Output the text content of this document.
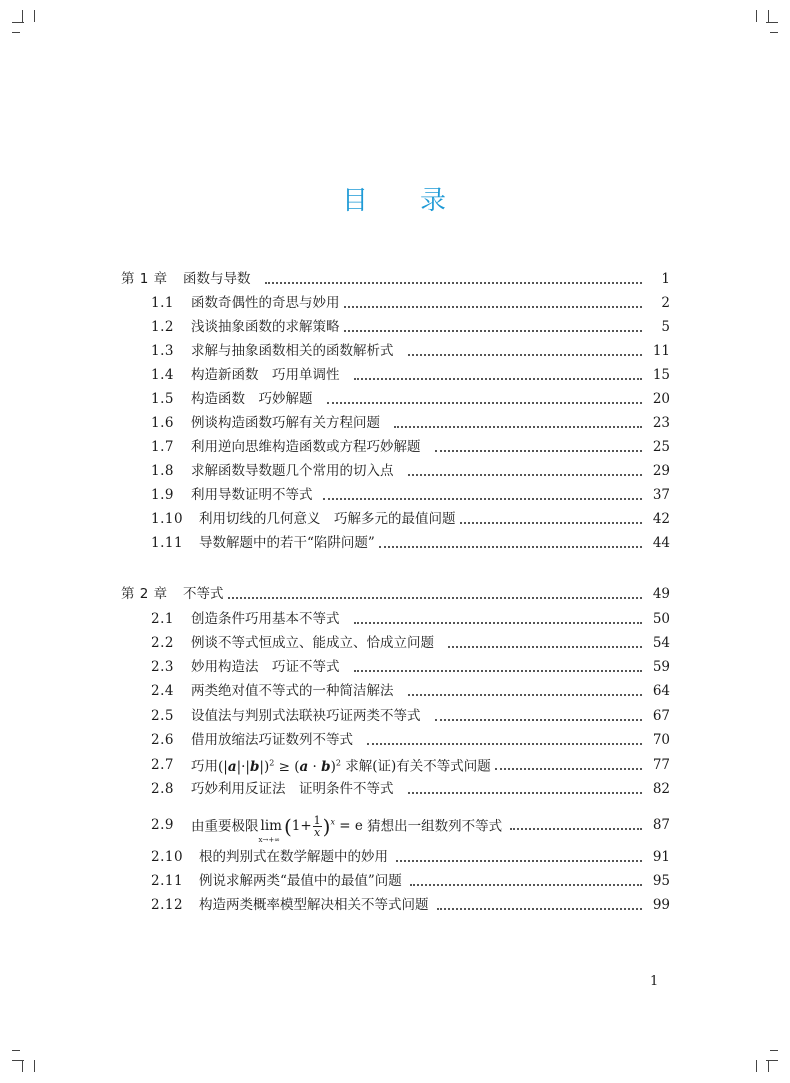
目 录
第 1 章	函数与导数	1
1.1	函数奇偶性的奇思与妙用	2
1.2	浅谈抽象函数的求解策略	5
1.3	求解与抽象函数相关的函数解析式	11
1.4	构造新函数　巧用单调性	15
1.5	构造函数　巧妙解题	20
1.6	例谈构造函数巧解有关方程问题	23
1.7	利用逆向思维构造函数或方程巧妙解题	25
1.8	求解函数导数题几个常用的切入点	29
1.9	利用导数证明不等式	37
1.10	利用切线的几何意义　巧解多元的最值问题	42
1.11	导数解题中的若干“陷阱问题”	44
第 2 章	不等式	49
2.1	创造条件巧用基本不等式	50
2.2	例谈不等式恒成立、能成立、恰成立问题	54
2.3	妙用构造法　巧证不等式	59
2.4	两类绝对值不等式的一种简洁解法	64
2.5	设值法与判别式法联袂巧证两类不等式	67
2.6	借用放缩法巧证数列不等式	70
2.7	巧用$(|a|\cdot|b|)^2 \ge (a \cdot b)^2$ 求解(证)有关不等式问题	77
2.8	巧妙利用反证法　证明条件不等式	82
2.9	由重要极限 lim
x→+∞
$(1+ \frac{1}{x} )^x = e$ 猜想出一组数列不等式	87
2.10	根的判别式在数学解题中的妙用	91
2.11	例说求解两类“最值中的最值”问题	95
2.12	构造两类概率模型解决相关不等式问题	99
1
